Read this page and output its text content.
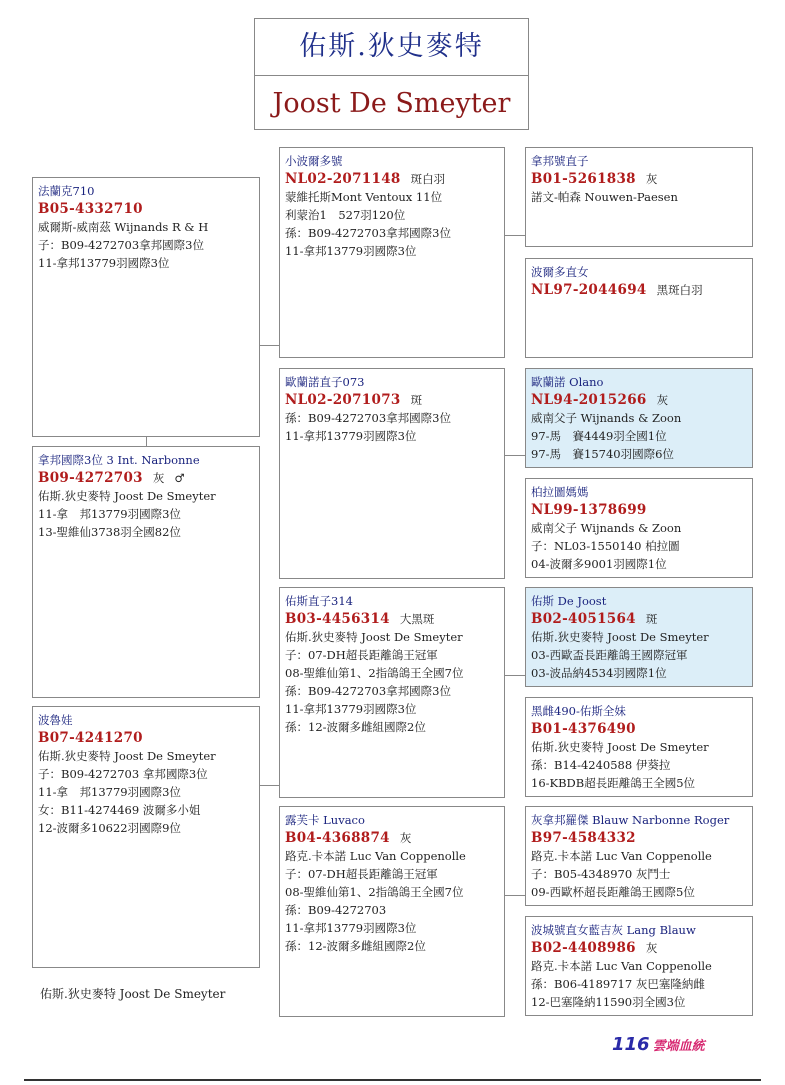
佑斯.狄史麥特
Joost De Smeyter
法蘭克710
B05-4332710
威爾斯-威南茲 Wijnands R & H
子：B09-4272703拿邦國際3位
11-拿邦13779羽國際3位
拿邦國際3位 3 Int. Narbonne
B09-4272703 灰 ♂
佑斯.狄史麥特 Joost De Smeyter
11-拿　邦13779羽國際3位
13-聖維仙3738羽全國82位
波魯娃
B07-4241270
佑斯.狄史麥特 Joost De Smeyter
子：B09-4272703 拿邦國際3位
11-拿　邦13779羽國際3位
女：B11-4274469 波爾多小姐
12-波爾多10622羽國際9位
小波爾多號
NL02-2071148 斑白羽
蒙維托斯Mont Ventoux 11位
利蒙治1　527羽120位
孫：B09-4272703拿邦國際3位
11-拿邦13779羽國際3位
歐蘭諾直子073
NL02-2071073 斑
孫：B09-4272703拿邦國際3位
11-拿邦13779羽國際3位
佑斯直子314
B03-4456314 大黑斑
佑斯.狄史麥特 Joost De Smeyter
子：07-DH超長距離鴿王冠軍
08-聖維仙第1、2指鴿鴿王全國7位
孫：B09-4272703拿邦國際3位
11-拿邦13779羽國際3位
孫：12-波爾多雌組國際2位
露芙卡 Luvaco
B04-4368874 灰
路克.卡本諾 Luc Van Coppenolle
子：07-DH超長距離鴿王冠軍
08-聖維仙第1、2指鴿鴿王全國7位
孫：B09-4272703
11-拿邦13779羽國際3位
孫：12-波爾多雌組國際2位
拿邦號直子
B01-5261838 灰
諾文-帕森 Nouwen-Paesen
波爾多直女
NL97-2044694 黑斑白羽
歐蘭諾 Olano
NL94-2015266 灰
威南父子 Wijnands & Zoon
97-馬　賽4449羽全國1位
97-馬　賽15740羽國際6位
柏拉圖媽媽
NL99-1378699
威南父子 Wijnands & Zoon
子：NL03-1550140 柏拉圖
04-波爾多9001羽國際1位
佑斯 De Joost
B02-4051564 斑
佑斯.狄史麥特 Joost De Smeyter
03-西歐盃長距離鴿王國際冠軍
03-波品納4534羽國際1位
黑雌490-佑斯全妹
B01-4376490
佑斯.狄史麥特 Joost De Smeyter
孫：B14-4240588 伊葵拉
16-KBDB超長距離鴿王全國5位
灰拿邦羅傑 Blauw Narbonne Roger
B97-4584332
路克.卡本諾 Luc Van Coppenolle
子：B05-4348970 灰鬥士
09-西歐杯超長距離鴿王國際5位
波城號直女藍吉灰 Lang Blauw
B02-4408986 灰
路克.卡本諾 Luc Van Coppenolle
孫：B06-4189717 灰巴塞隆納雌
12-巴塞隆納11590羽全國3位
佑斯.狄史麥特 Joost De Smeyter
116 雲端血統
